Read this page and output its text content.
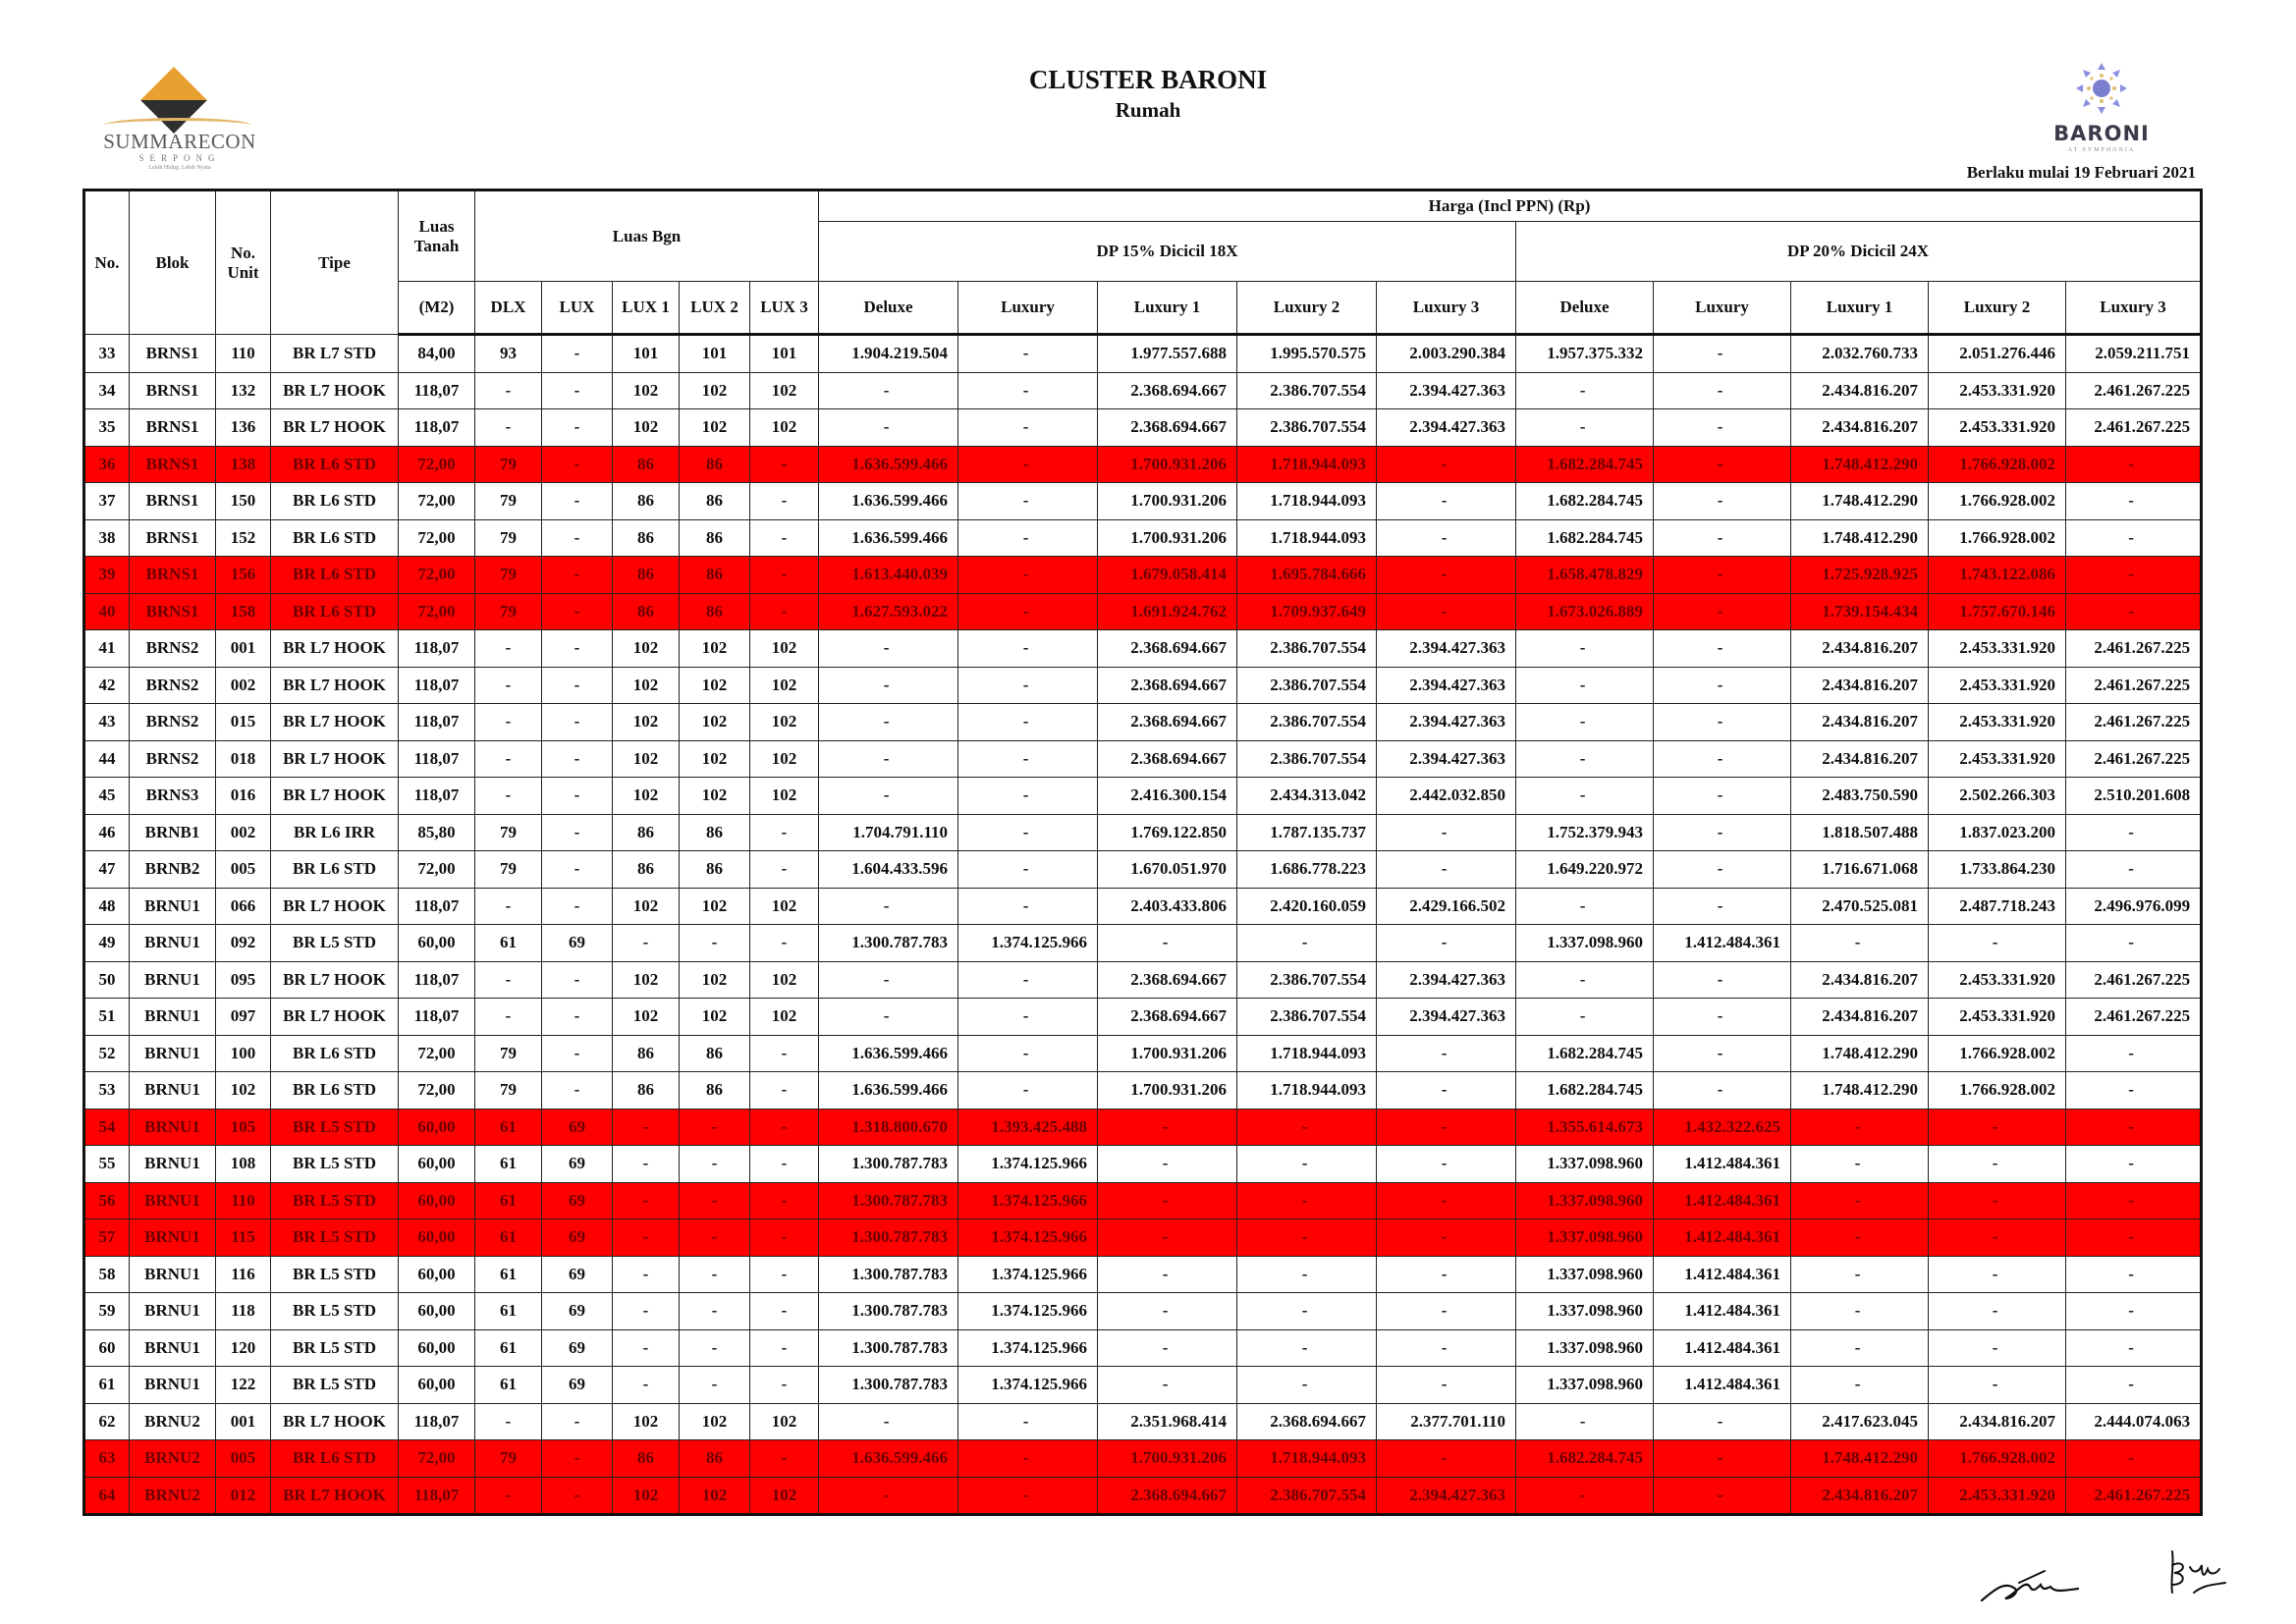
SUMMARECON
SERPONG
Lebih Hidup, Lebih Nyata
CLUSTER BARONI
Rumah
BARONI
AT SYMPHONIA
Berlaku mulai 19 Februari 2021
No.	Blok	No. Unit	Tipe	Luas Tanah	Luas Bgn					Harga (Incl PPN) (Rp)									
										DP 15% Dicicil 18X					DP 20% Dicicil 24X				
				(M2)	DLX	LUX	LUX 1	LUX 2	LUX 3	Deluxe	Luxury	Luxury 1	Luxury 2	Luxury 3	Deluxe	Luxury	Luxury 1	Luxury 2	Luxury 3
33	BRNS1	110	BR L7 STD	84,00	93	-	101	101	101	1.904.219.504	-	1.977.557.688	1.995.570.575	2.003.290.384	1.957.375.332	-	2.032.760.733	2.051.276.446	2.059.211.751
34	BRNS1	132	BR L7 HOOK	118,07	-	-	102	102	102	-	-	2.368.694.667	2.386.707.554	2.394.427.363	-	-	2.434.816.207	2.453.331.920	2.461.267.225
35	BRNS1	136	BR L7 HOOK	118,07	-	-	102	102	102	-	-	2.368.694.667	2.386.707.554	2.394.427.363	-	-	2.434.816.207	2.453.331.920	2.461.267.225
36	BRNS1	138	BR L6 STD	72,00	79	-	86	86	-	1.636.599.466	-	1.700.931.206	1.718.944.093	-	1.682.284.745	-	1.748.412.290	1.766.928.002	-
37	BRNS1	150	BR L6 STD	72,00	79	-	86	86	-	1.636.599.466	-	1.700.931.206	1.718.944.093	-	1.682.284.745	-	1.748.412.290	1.766.928.002	-
38	BRNS1	152	BR L6 STD	72,00	79	-	86	86	-	1.636.599.466	-	1.700.931.206	1.718.944.093	-	1.682.284.745	-	1.748.412.290	1.766.928.002	-
39	BRNS1	156	BR L6 STD	72,00	79	-	86	86	-	1.613.440.039	-	1.679.058.414	1.695.784.666	-	1.658.478.829	-	1.725.928.925	1.743.122.086	-
40	BRNS1	158	BR L6 STD	72,00	79	-	86	86	-	1.627.593.022	-	1.691.924.762	1.709.937.649	-	1.673.026.889	-	1.739.154.434	1.757.670.146	-
41	BRNS2	001	BR L7 HOOK	118,07	-	-	102	102	102	-	-	2.368.694.667	2.386.707.554	2.394.427.363	-	-	2.434.816.207	2.453.331.920	2.461.267.225
42	BRNS2	002	BR L7 HOOK	118,07	-	-	102	102	102	-	-	2.368.694.667	2.386.707.554	2.394.427.363	-	-	2.434.816.207	2.453.331.920	2.461.267.225
43	BRNS2	015	BR L7 HOOK	118,07	-	-	102	102	102	-	-	2.368.694.667	2.386.707.554	2.394.427.363	-	-	2.434.816.207	2.453.331.920	2.461.267.225
44	BRNS2	018	BR L7 HOOK	118,07	-	-	102	102	102	-	-	2.368.694.667	2.386.707.554	2.394.427.363	-	-	2.434.816.207	2.453.331.920	2.461.267.225
45	BRNS3	016	BR L7 HOOK	118,07	-	-	102	102	102	-	-	2.416.300.154	2.434.313.042	2.442.032.850	-	-	2.483.750.590	2.502.266.303	2.510.201.608
46	BRNB1	002	BR L6 IRR	85,80	79	-	86	86	-	1.704.791.110	-	1.769.122.850	1.787.135.737	-	1.752.379.943	-	1.818.507.488	1.837.023.200	-
47	BRNB2	005	BR L6 STD	72,00	79	-	86	86	-	1.604.433.596	-	1.670.051.970	1.686.778.223	-	1.649.220.972	-	1.716.671.068	1.733.864.230	-
48	BRNU1	066	BR L7 HOOK	118,07	-	-	102	102	102	-	-	2.403.433.806	2.420.160.059	2.429.166.502	-	-	2.470.525.081	2.487.718.243	2.496.976.099
49	BRNU1	092	BR L5 STD	60,00	61	69	-	-	-	1.300.787.783	1.374.125.966	-	-	-	1.337.098.960	1.412.484.361	-	-	-
50	BRNU1	095	BR L7 HOOK	118,07	-	-	102	102	102	-	-	2.368.694.667	2.386.707.554	2.394.427.363	-	-	2.434.816.207	2.453.331.920	2.461.267.225
51	BRNU1	097	BR L7 HOOK	118,07	-	-	102	102	102	-	-	2.368.694.667	2.386.707.554	2.394.427.363	-	-	2.434.816.207	2.453.331.920	2.461.267.225
52	BRNU1	100	BR L6 STD	72,00	79	-	86	86	-	1.636.599.466	-	1.700.931.206	1.718.944.093	-	1.682.284.745	-	1.748.412.290	1.766.928.002	-
53	BRNU1	102	BR L6 STD	72,00	79	-	86	86	-	1.636.599.466	-	1.700.931.206	1.718.944.093	-	1.682.284.745	-	1.748.412.290	1.766.928.002	-
54	BRNU1	105	BR L5 STD	60,00	61	69	-	-	-	1.318.800.670	1.393.425.488	-	-	-	1.355.614.673	1.432.322.625	-	-	-
55	BRNU1	108	BR L5 STD	60,00	61	69	-	-	-	1.300.787.783	1.374.125.966	-	-	-	1.337.098.960	1.412.484.361	-	-	-
56	BRNU1	110	BR L5 STD	60,00	61	69	-	-	-	1.300.787.783	1.374.125.966	-	-	-	1.337.098.960	1.412.484.361	-	-	-
57	BRNU1	115	BR L5 STD	60,00	61	69	-	-	-	1.300.787.783	1.374.125.966	-	-	-	1.337.098.960	1.412.484.361	-	-	-
58	BRNU1	116	BR L5 STD	60,00	61	69	-	-	-	1.300.787.783	1.374.125.966	-	-	-	1.337.098.960	1.412.484.361	-	-	-
59	BRNU1	118	BR L5 STD	60,00	61	69	-	-	-	1.300.787.783	1.374.125.966	-	-	-	1.337.098.960	1.412.484.361	-	-	-
60	BRNU1	120	BR L5 STD	60,00	61	69	-	-	-	1.300.787.783	1.374.125.966	-	-	-	1.337.098.960	1.412.484.361	-	-	-
61	BRNU1	122	BR L5 STD	60,00	61	69	-	-	-	1.300.787.783	1.374.125.966	-	-	-	1.337.098.960	1.412.484.361	-	-	-
62	BRNU2	001	BR L7 HOOK	118,07	-	-	102	102	102	-	-	2.351.968.414	2.368.694.667	2.377.701.110	-	-	2.417.623.045	2.434.816.207	2.444.074.063
63	BRNU2	005	BR L6 STD	72,00	79	-	86	86	-	1.636.599.466	-	1.700.931.206	1.718.944.093	-	1.682.284.745	-	1.748.412.290	1.766.928.002	-
64	BRNU2	012	BR L7 HOOK	118,07	-	-	102	102	102	-	-	2.368.694.667	2.386.707.554	2.394.427.363	-	-	2.434.816.207	2.453.331.920	2.461.267.225
